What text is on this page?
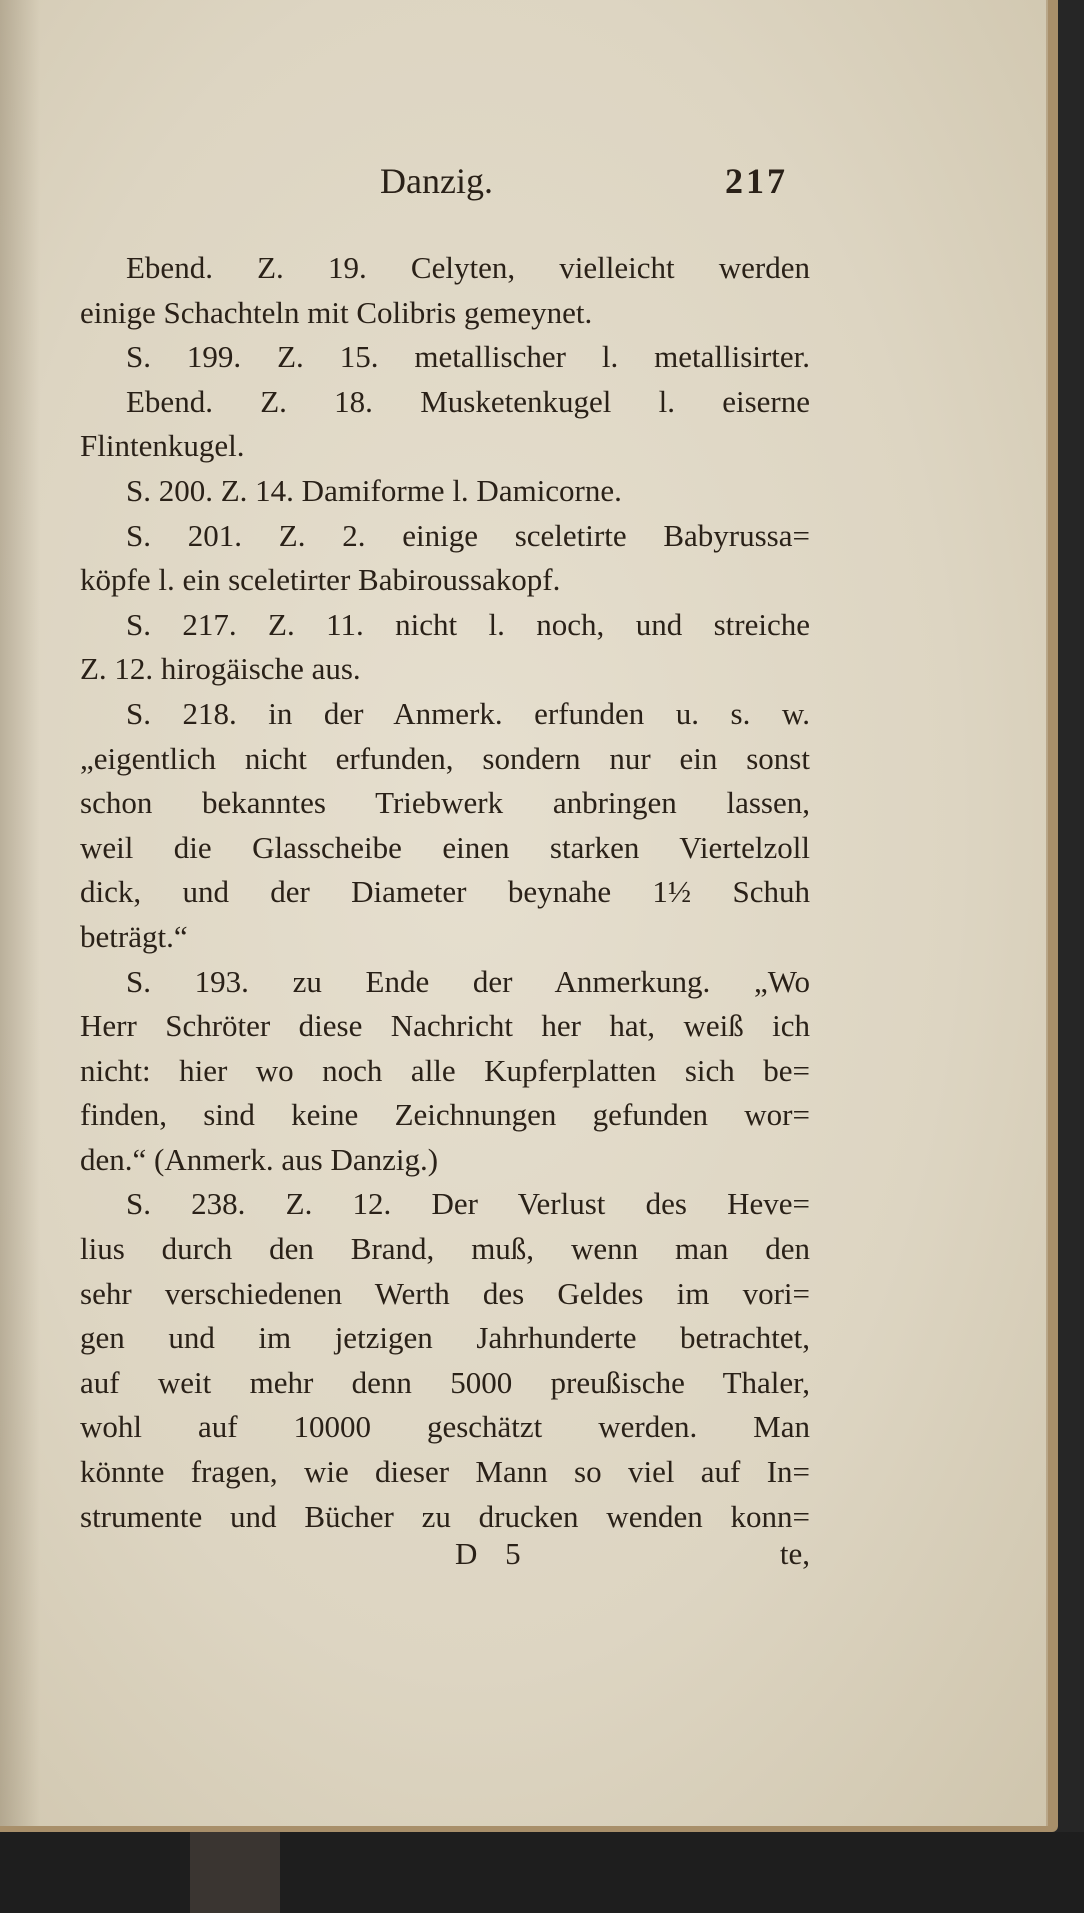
Danzig.	217
Ebend. Z. 19. Celyten, vielleicht werden
einige Schachteln mit Colibris gemeynet.
S. 199. Z. 15. metallischer l. metallisirter.
Ebend. Z. 18. Musketenkugel l. eiserne
Flintenkugel.
S. 200. Z. 14. Damiforme l. Damicorne.
S. 201. Z. 2. einige sceletirte Babyrussa=
köpfe l. ein sceletirter Babiroussakopf.
S. 217. Z. 11. nicht l. noch, und streiche
Z. 12. hirogäische aus.
S. 218. in der Anmerk. erfunden u. s. w.
„eigentlich nicht erfunden, sondern nur ein sonst
schon bekanntes Triebwerk anbringen lassen,
weil die Glasscheibe einen starken Viertelzoll
dick, und der Diameter beynahe 1½ Schuh
beträgt.“
S. 193. zu Ende der Anmerkung. „Wo
Herr Schröter diese Nachricht her hat, weiß ich
nicht: hier wo noch alle Kupferplatten sich be=
finden, sind keine Zeichnungen gefunden wor=
den.“ (Anmerk. aus Danzig.)
S. 238. Z. 12. Der Verlust des Heve=
lius durch den Brand, muß, wenn man den
sehr verschiedenen Werth des Geldes im vori=
gen und im jetzigen Jahrhunderte betrachtet,
auf weit mehr denn 5000 preußische Thaler,
wohl auf 10000 geschätzt werden. Man
könnte fragen, wie dieser Mann so viel auf In=
strumente und Bücher zu drucken wenden konn=
D 5	te,
